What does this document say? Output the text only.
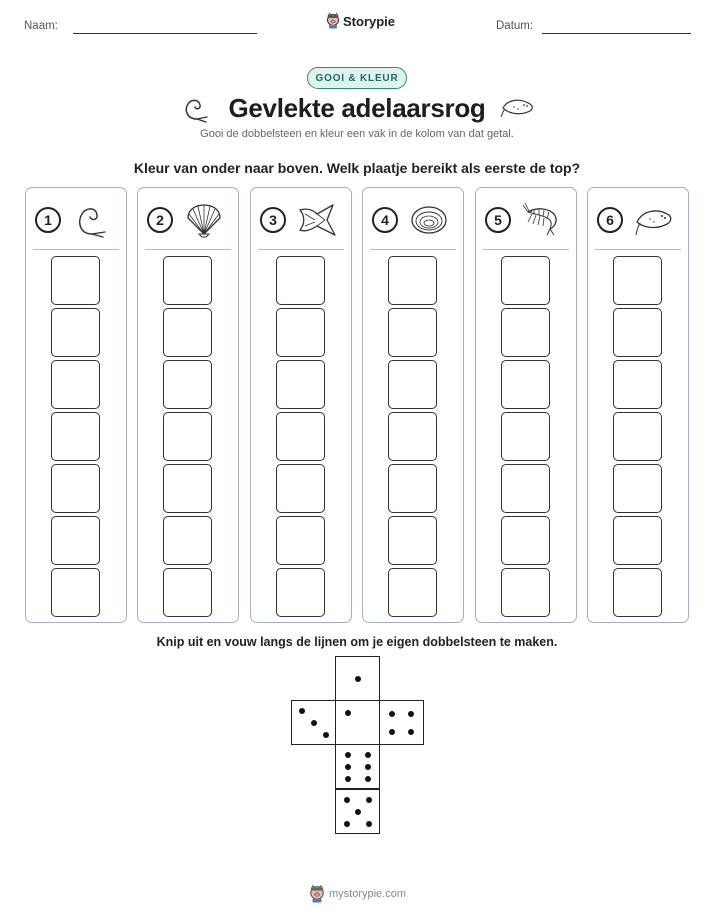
Naam:	Storypie	Datum:
GOOI & KLEUR
Gevlekte adelaarsrog
Gooi de dobbelsteen en kleur een vak in de kolom van dat getal.
Kleur van onder naar boven. Welk plaatje bereikt als eerste de top?
1	2	3	4	5	6
Knip uit en vouw langs de lijnen om je eigen dobbelsteen te maken.
mystorypie.com
